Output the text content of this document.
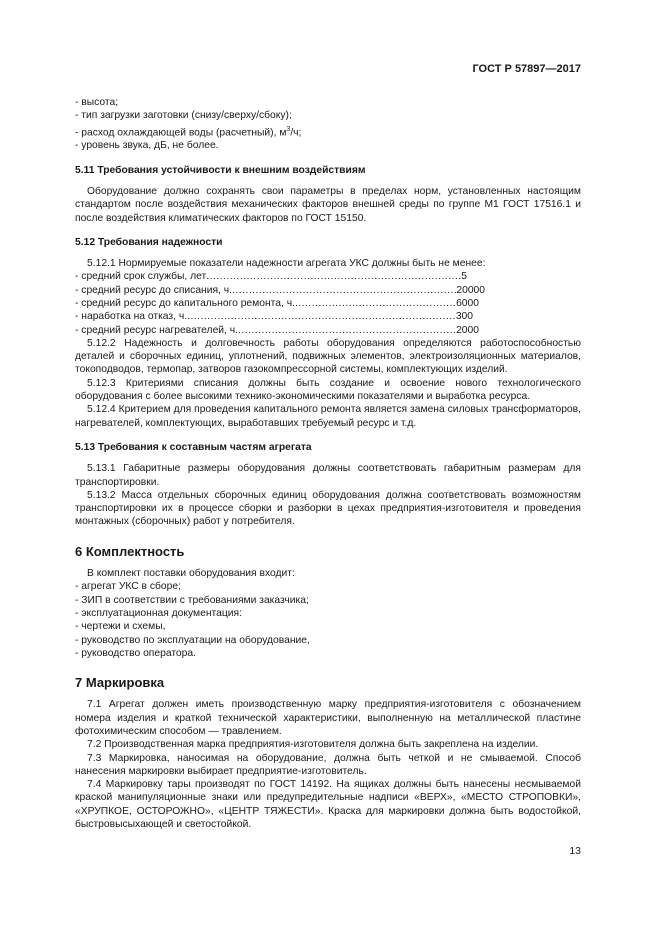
ГОСТ Р 57897—2017

- высота;

- тип загрузки заготовки (снизу/сверху/сбоку);

- расход охлаждающей воды (расчетный), $м^3/ч$;

- уровень звука, дБ, не более.

5.11 Требования устойчивости к внешним воздействиям

Оборудование должно сохранять свои параметры в пределах норм, установленных настоящим стандартом после воздействия механических факторов внешней среды по группе М1 ГОСТ 17516.1 и после воздействия климатических факторов по ГОСТ 15150.

5.12 Требования надежности

5.12.1 Нормируемые показатели надежности агрегата УКС должны быть не менее:

- средний срок службы, лет .....	5
- средний ресурс до списания, ч. .....	20000
- средний ресурс до капитального ремонта, ч. .....	6000
- наработка на отказ, ч. .....	300
- средний ресурс нагревателей, ч. .....	2000

5.12.2 Надежность и долговечность работы оборудования определяются работоспособностью деталей и сборочных единиц, уплотнений, подвижных элементов, электроизоляционных материалов, токоподводов, термопар, затворов газокомпрессорной системы, комплектующих изделий.

5.12.3 Критериями списания должны быть создание и освоение нового технологического оборудования с более высокими технико-экономическими показателями и выработка ресурса.

5.12.4 Критерием для проведения капитального ремонта является замена силовых трансформаторов, нагревателей, комплектующих, выработавших требуемый ресурс и т.д.

5.13 Требования к составным частям агрегата

5.13.1 Габаритные размеры оборудования должны соответствовать габаритным размерам для транспортировки.

5.13.2 Масса отдельных сборочных единиц оборудования должна соответствовать возможностям транспортировки их в процессе сборки и разборки в цехах предприятия-изготовителя и проведения монтажных (сборочных) работ у потребителя.

6 Комплектность

В комплект поставки оборудования входит:

- агрегат УКС в сборе;

- ЗИП в соответствии с требованиями заказчика;

- эксплуатационная документация:

- чертежи и схемы,

- руководство по эксплуатации на оборудование,

- руководство оператора.

7 Маркировка

7.1 Агрегат должен иметь производственную марку предприятия-изготовителя с обозначением номера изделия и краткой технической характеристики, выполненную на металлической пластине фотохимическим способом — травлением.

7.2 Производственная марка предприятия-изготовителя должна быть закреплена на изделии.

7.3 Маркировка, наносимая на оборудование, должна быть четкой и не смываемой. Способ нанесения маркировки выбирает предприятие-изготовитель.

7.4 Маркировку тары производят по ГОСТ 14192. На ящиках должны быть нанесены несмываемой краской манипуляционные знаки или предупредительные надписи «ВЕРХ», «МЕСТО СТРОПОВКИ», «ХРУПКОЕ, ОСТОРОЖНО», «ЦЕНТР ТЯЖЕСТИ». Краска для маркировки должна быть водостойкой, быстровысыхающей и светостойкой.

13
